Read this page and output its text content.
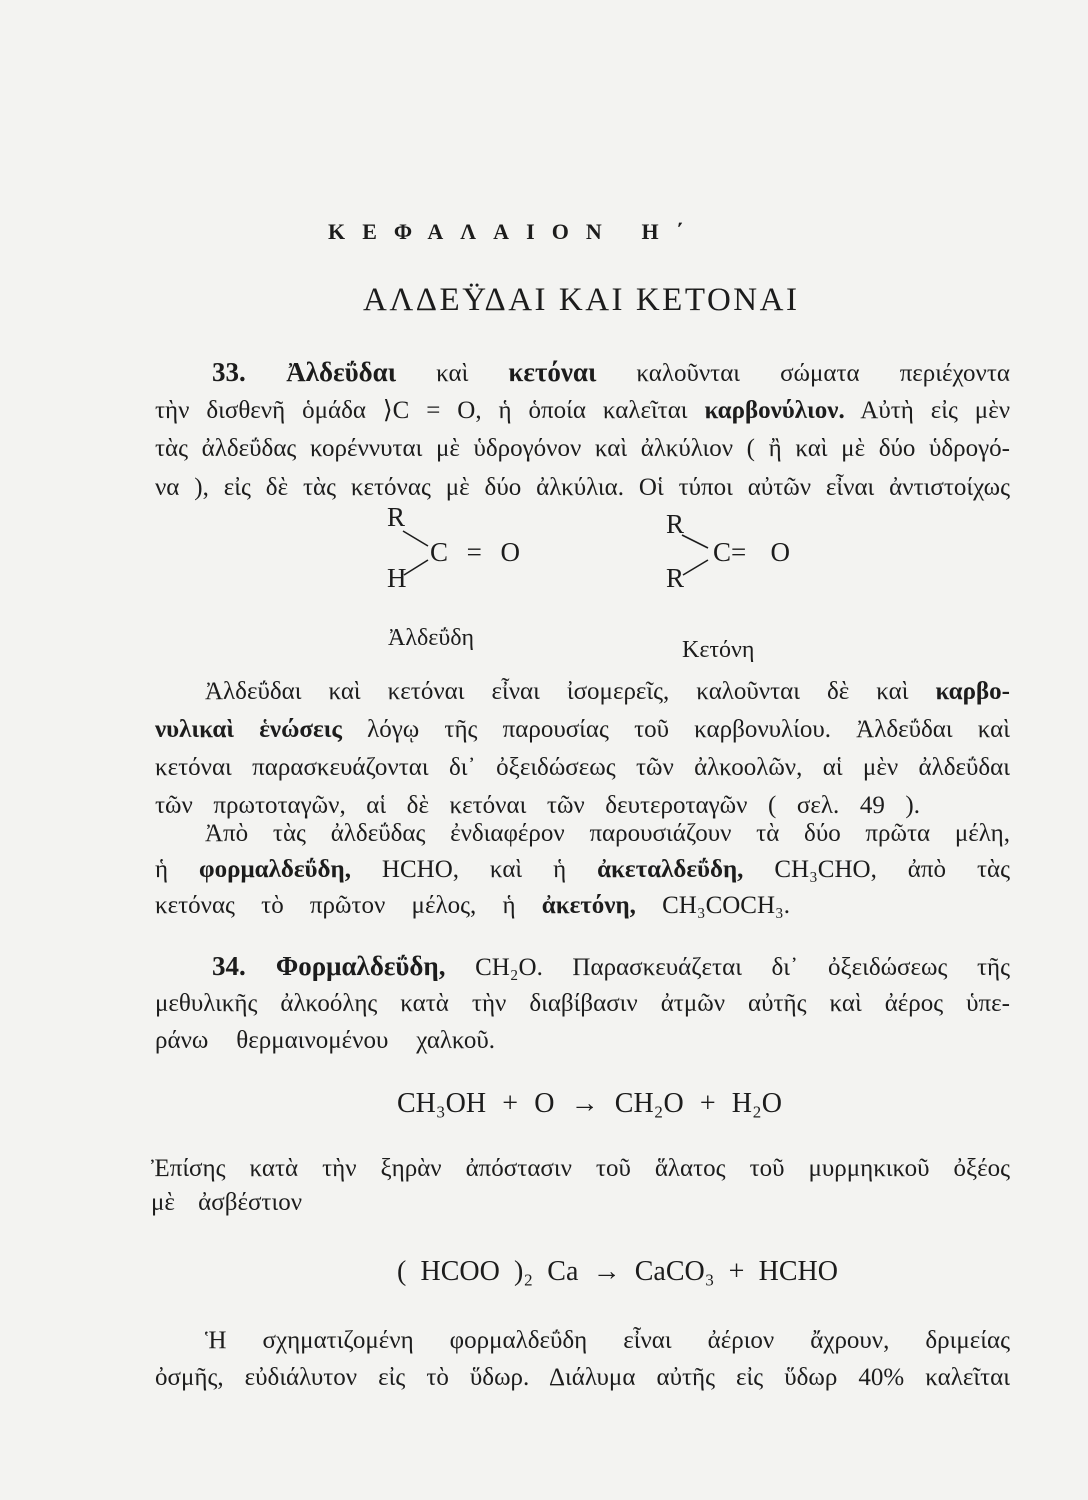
ΚΕΦΑΛΑΙΟΝ Η΄
ΑΛΔΕΫΔΑΙ ΚΑΙ ΚΕΤΟΝΑΙ
33. Ἀλδεΰδαι καὶ κετόναι καλοῦνται σώματα περιέχοντα
τὴν δισθενῆ ὁμάδα ⟩C = O, ἡ ὁποία καλεῖται καρβονύλιον. Αὐτὴ εἰς μὲν
τὰς ἀλδεΰδας κορέννυται μὲ ὑδρογόνον καὶ ἀλκύλιον ( ἢ καὶ μὲ δύο ὑδρογό-
να ), εἰς δὲ τὰς κετόνας μὲ δύο ἀλκύλια. Οἱ τύποι αὐτῶν εἶναι ἀντιστοίχως
R
C = O
H
Ἀλδεΰδη
R
C= O
R
Κετόνη
Ἀλδεΰδαι καὶ κετόναι εἶναι ἰσομερεῖς, καλοῦνται δὲ καὶ καρβο-
νυλικαὶ ἑνώσεις λόγῳ τῆς παρουσίας τοῦ καρβονυλίου. Ἀλδεΰδαι καὶ
κετόναι παρασκευάζονται δι᾽ ὀξειδώσεως τῶν ἀλκοολῶν, αἱ μὲν ἀλδεΰδαι
τῶν πρωτοταγῶν, αἱ δὲ κετόναι τῶν δευτεροταγῶν ( σελ. 49 ).
Ἀπὸ τὰς ἀλδεΰδας ἐνδιαφέρον παρουσιάζουν τὰ δύο πρῶτα μέλη,
ἡ φορμαλδεΰδη, HCHO, καὶ ἡ ἀκεταλδεΰδη, CH₃CHO, ἀπὸ τὰς
κετόνας τὸ πρῶτον μέλος, ἡ ἀκετόνη, CH₃COCH₃.
34. Φορμαλδεΰδη, CH₂O. Παρασκευάζεται δι᾽ ὀξειδώσεως τῆς
μεθυλικῆς ἀλκοόλης κατὰ τὴν διαβίβασιν ἀτμῶν αὐτῆς καὶ ἀέρος ὑπε-
ράνω θερμαινομένου χαλκοῦ.
CH₃OH + O → CH₂O + H₂O
Ἐπίσης κατὰ τὴν ξηρὰν ἀπόστασιν τοῦ ἅλατος τοῦ μυρμηκικοῦ ὀξέος
μὲ ἀσβέστιον
( HCOO )₂ Ca → CaCO₃ + HCHO
Ἡ σχηματιζομένη φορμαλδεΰδη εἶναι ἀέριον ἄχρουν, δριμείας
ὀσμῆς, εὐδιάλυτον εἰς τὸ ὕδωρ. Διάλυμα αὐτῆς εἰς ὕδωρ 40% καλεῖται
